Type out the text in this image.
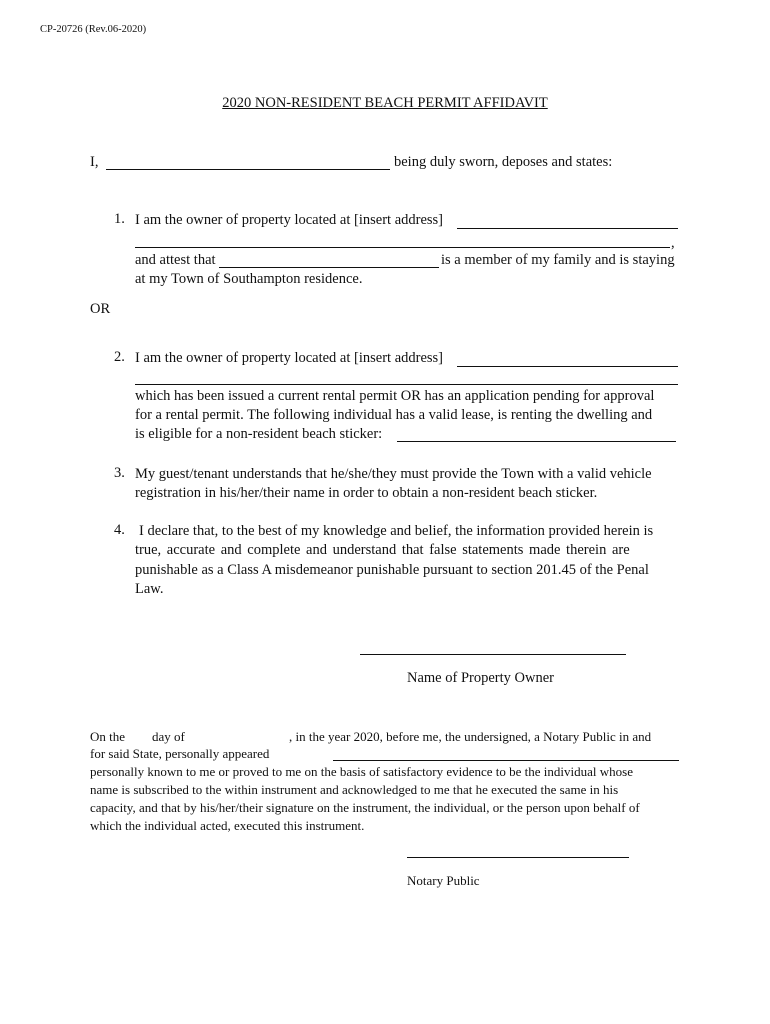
CP-20726 (Rev.06-2020)
2020 NON-RESIDENT BEACH PERMIT AFFIDAVIT
I,	being duly sworn, deposes and states:
1. I am the owner of property located at [insert address]
,
and attest that	is a member of my family and is staying
at my Town of Southampton residence.
OR
2. I am the owner of property located at [insert address]
which has been issued a current rental permit OR has an application pending for approval
for a rental permit. The following individual has a valid lease, is renting the dwelling and
is eligible for a non-resident beach sticker:
3. My guest/tenant understands that he/she/they must provide the Town with a valid vehicle
registration in his/her/their name in order to obtain a non-resident beach sticker.
4. I declare that, to the best of my knowledge and belief, the information provided herein is
true, accurate and complete and understand that false statements made therein are
punishable as a Class A misdemeanor punishable pursuant to section 201.45 of the Penal
Law.
Name of Property Owner
On the day of	, in the year 2020, before me, the undersigned, a Notary Public in and
for said State, personally appeared
personally known to me or proved to me on the basis of satisfactory evidence to be the individual whose
name is subscribed to the within instrument and acknowledged to me that he executed the same in his
capacity, and that by his/her/their signature on the instrument, the individual, or the person upon behalf of
which the individual acted, executed this instrument.
Notary Public
